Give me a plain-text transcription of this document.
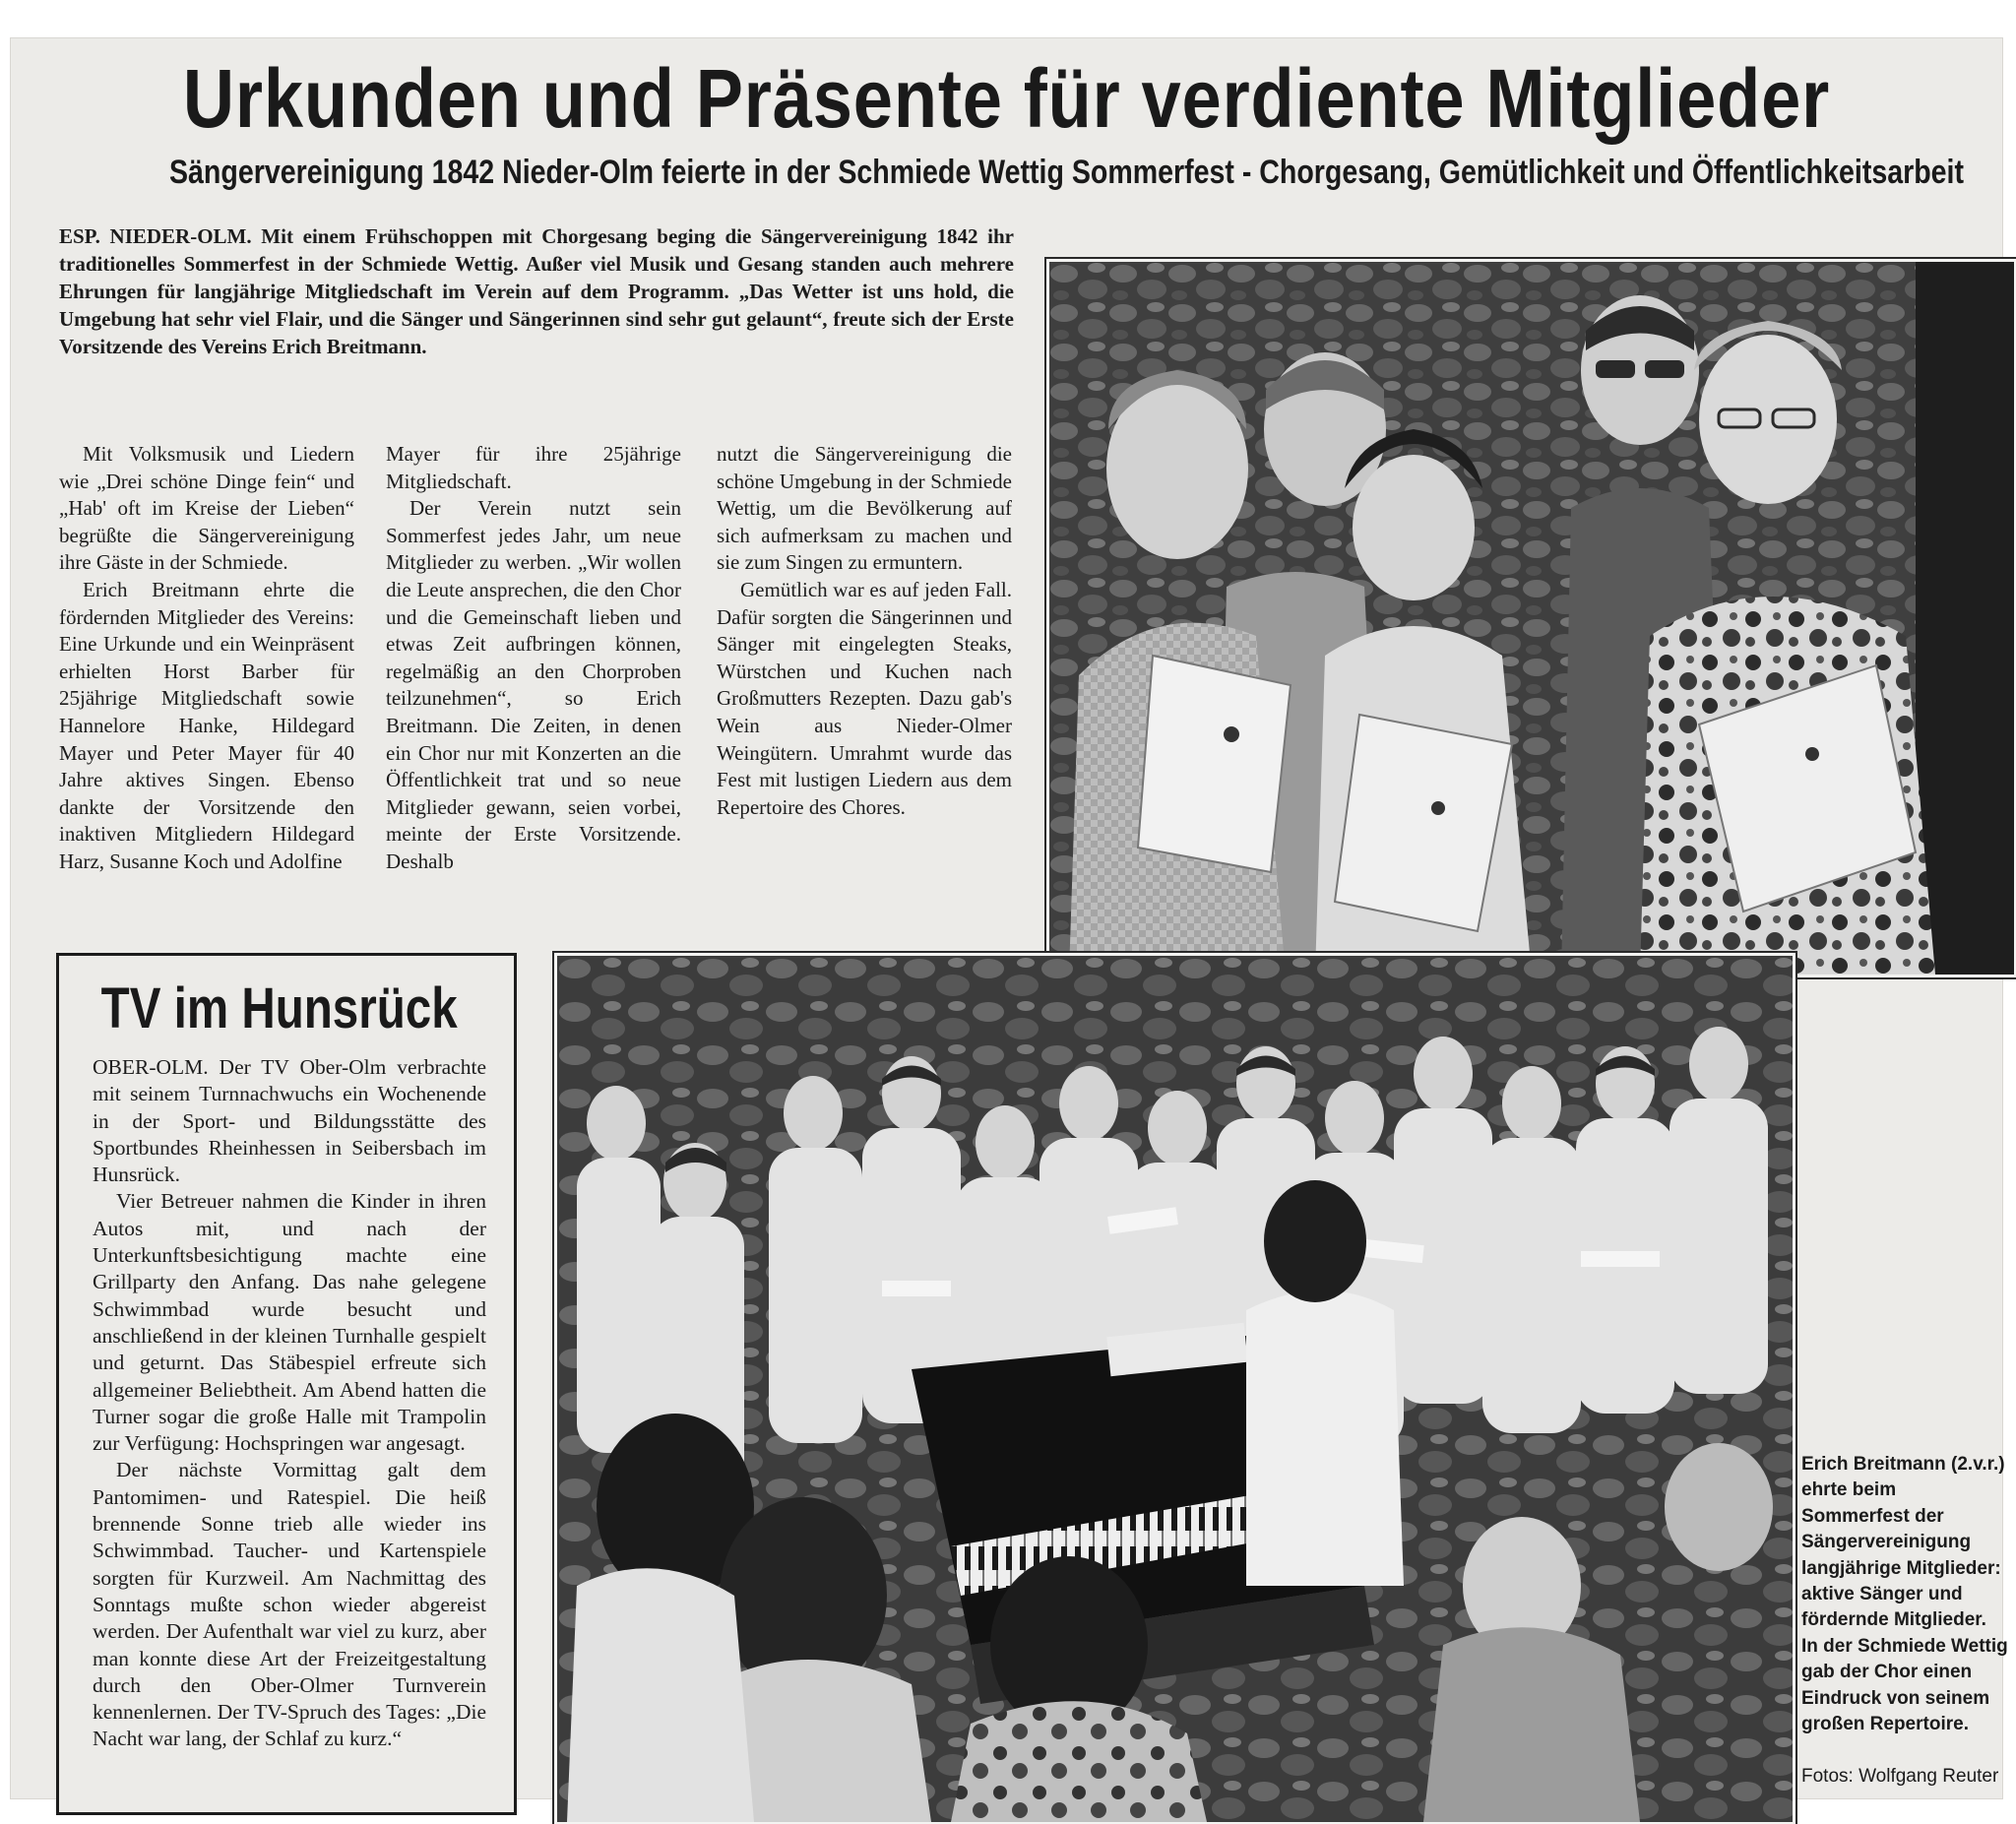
Urkunden und Präsente für verdiente Mitglieder
Sängervereinigung 1842 Nieder-Olm feierte in der Schmiede Wettig Sommerfest - Chorgesang, Gemütlichkeit und Öffentlichkeitsarbeit

ESP. NIEDER-OLM. Mit einem Frühschoppen mit Chorgesang beging die Sängervereinigung 1842 ihr traditionelles Sommerfest in der Schmiede Wettig. Außer viel Musik und Gesang standen auch mehrere Ehrungen für langjährige Mitgliedschaft im Verein auf dem Programm. „Das Wetter ist uns hold, die Umgebung hat sehr viel Flair, und die Sänger und Sängerinnen sind sehr gut gelaunt“, freute sich der Erste Vorsitzende des Vereins Erich Breitmann.

Mit Volksmusik und Liedern wie „Drei schöne Dinge fein“ und „Hab' oft im Kreise der Lieben“ begrüßte die Sängervereinigung ihre Gäste in der Schmiede.

Erich Breitmann ehrte die fördernden Mitglieder des Vereins: Eine Urkunde und ein Weinpräsent erhielten Horst Barber für 25jährige Mitgliedschaft sowie Hannelore Hanke, Hildegard Mayer und Peter Mayer für 40 Jahre aktives Singen. Ebenso dankte der Vorsitzende den inaktiven Mitgliedern Hildegard Harz, Susanne Koch und Adolfine

Mayer für ihre 25jährige Mitgliedschaft.

Der Verein nutzt sein Sommerfest jedes Jahr, um neue Mitglieder zu werben. „Wir wollen die Leute ansprechen, die den Chor und die Gemeinschaft lieben und etwas Zeit aufbringen können, regelmäßig an den Chorproben teilzunehmen“, so Erich Breitmann. Die Zeiten, in denen ein Chor nur mit Konzerten an die Öffentlichkeit trat und so neue Mitglieder gewann, seien vorbei, meinte der Erste Vorsitzende. Deshalb

nutzt die Sängervereinigung die schöne Umgebung in der Schmiede Wettig, um die Bevölkerung auf sich aufmerksam zu machen und sie zum Singen zu ermuntern.

Gemütlich war es auf jeden Fall. Dafür sorgten die Sängerinnen und Sänger mit eingelegten Steaks, Würstchen und Kuchen nach Großmutters Rezepten. Dazu gab's Wein aus Nieder-Olmer Weingütern. Umrahmt wurde das Fest mit lustigen Liedern aus dem Repertoire des Chores.

TV im Hunsrück

OBER-OLM. Der TV Ober-Olm verbrachte mit seinem Turnnachwuchs ein Wochenende in der Sport- und Bildungsstätte des Sportbundes Rheinhessen in Seibersbach im Hunsrück.

Vier Betreuer nahmen die Kinder in ihren Autos mit, und nach der Unterkunftsbesichtigung machte eine Grillparty den Anfang. Das nahe gelegene Schwimmbad wurde besucht und anschließend in der kleinen Turnhalle gespielt und geturnt. Das Stäbespiel erfreute sich allgemeiner Beliebtheit. Am Abend hatten die Turner sogar die große Halle mit Trampolin zur Verfügung: Hochspringen war angesagt.

Der nächste Vormittag galt dem Pantomimen- und Ratespiel. Die heiß brennende Sonne trieb alle wieder ins Schwimmbad. Taucher- und Kartenspiele sorgten für Kurzweil. Am Nachmittag des Sonntags mußte schon wieder abgereist werden. Der Aufenthalt war viel zu kurz, aber man konnte diese Art der Freizeitgestaltung durch den Ober-Olmer Turnverein kennenlernen. Der TV-Spruch des Tages: „Die Nacht war lang, der Schlaf zu kurz.“

Erich Breitmann (2.v.r.) ehrte beim Sommerfest der Sängervereinigung langjährige Mitglieder: aktive Sänger und fördernde Mitglieder. In der Schmiede Wettig gab der Chor einen Eindruck von seinem großen Repertoire.
Fotos: Wolfgang Reuter
